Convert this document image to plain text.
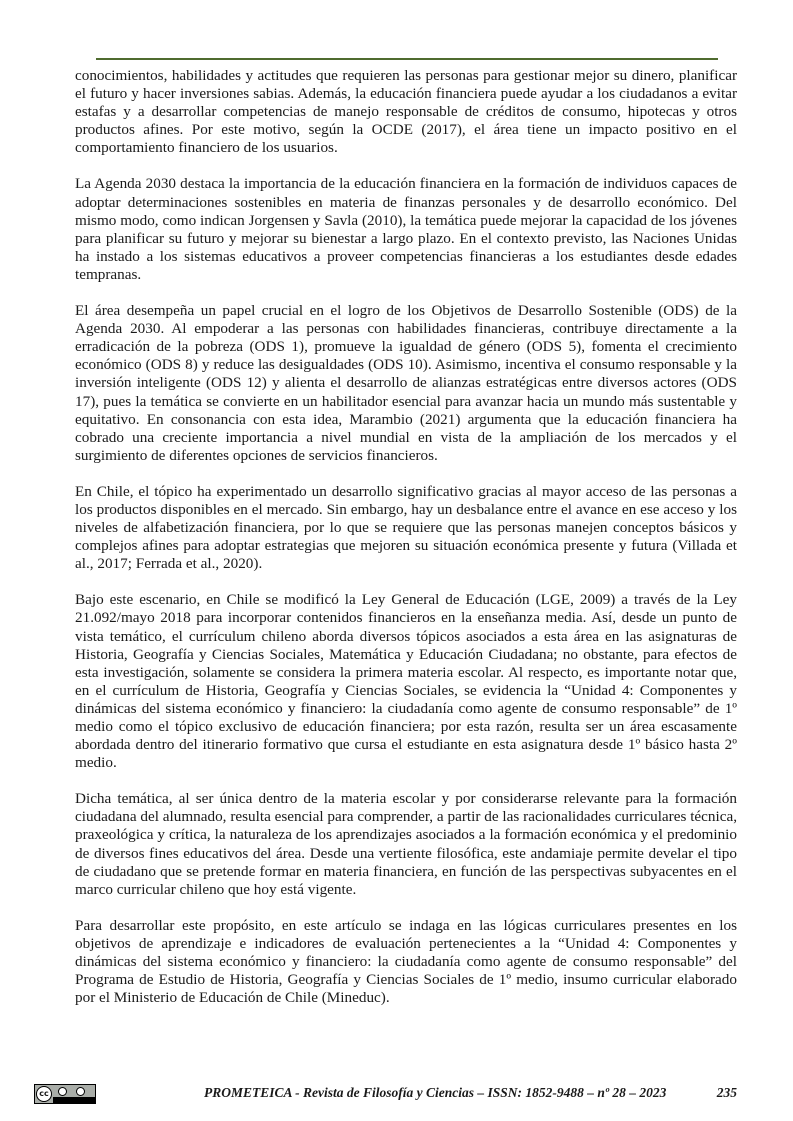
conocimientos, habilidades y actitudes que requieren las personas para gestionar mejor su dinero, planificar el futuro y hacer inversiones sabias. Además, la educación financiera puede ayudar a los ciudadanos a evitar estafas y a desarrollar competencias de manejo responsable de créditos de consumo, hipotecas y otros productos afines. Por este motivo, según la OCDE (2017), el área tiene un impacto positivo en el comportamiento financiero de los usuarios.

La Agenda 2030 destaca la importancia de la educación financiera en la formación de individuos capaces de adoptar determinaciones sostenibles en materia de finanzas personales y de desarrollo económico. Del mismo modo, como indican Jorgensen y Savla (2010), la temática puede mejorar la capacidad de los jóvenes para planificar su futuro y mejorar su bienestar a largo plazo. En el contexto previsto, las Naciones Unidas ha instado a los sistemas educativos a proveer competencias financieras a los estudiantes desde edades tempranas.

El área desempeña un papel crucial en el logro de los Objetivos de Desarrollo Sostenible (ODS) de la Agenda 2030. Al empoderar a las personas con habilidades financieras, contribuye directamente a la erradicación de la pobreza (ODS 1), promueve la igualdad de género (ODS 5), fomenta el crecimiento económico (ODS 8) y reduce las desigualdades (ODS 10). Asimismo, incentiva el consumo responsable y la inversión inteligente (ODS 12) y alienta el desarrollo de alianzas estratégicas entre diversos actores (ODS 17), pues la temática se convierte en un habilitador esencial para avanzar hacia un mundo más sustentable y equitativo. En consonancia con esta idea, Marambio (2021) argumenta que la educación financiera ha cobrado una creciente importancia a nivel mundial en vista de la ampliación de los mercados y el surgimiento de diferentes opciones de servicios financieros.

En Chile, el tópico ha experimentado un desarrollo significativo gracias al mayor acceso de las personas a los productos disponibles en el mercado. Sin embargo, hay un desbalance entre el avance en ese acceso y los niveles de alfabetización financiera, por lo que se requiere que las personas manejen conceptos básicos y complejos afines para adoptar estrategias que mejoren su situación económica presente y futura (Villada et al., 2017; Ferrada et al., 2020).

Bajo este escenario, en Chile se modificó la Ley General de Educación (LGE, 2009) a través de la Ley 21.092/mayo 2018 para incorporar contenidos financieros en la enseñanza media. Así, desde un punto de vista temático, el currículum chileno aborda diversos tópicos asociados a esta área en las asignaturas de Historia, Geografía y Ciencias Sociales, Matemática y Educación Ciudadana; no obstante, para efectos de esta investigación, solamente se considera la primera materia escolar. Al respecto, es importante notar que, en el currículum de Historia, Geografía y Ciencias Sociales, se evidencia la “Unidad 4: Componentes y dinámicas del sistema económico y financiero: la ciudadanía como agente de consumo responsable” de 1º medio como el tópico exclusivo de educación financiera; por esta razón, resulta ser un área escasamente abordada dentro del itinerario formativo que cursa el estudiante en esta asignatura desde 1º básico hasta 2º medio.

Dicha temática, al ser única dentro de la materia escolar y por considerarse relevante para la formación ciudadana del alumnado, resulta esencial para comprender, a partir de las racionalidades curriculares técnica, praxeológica y crítica, la naturaleza de los aprendizajes asociados a la formación económica y el predominio de diversos fines educativos del área. Desde una vertiente filosófica, este andamiaje permite develar el tipo de ciudadano que se pretende formar en materia financiera, en función de las perspectivas subyacentes en el marco curricular chileno que hoy está vigente.

Para desarrollar este propósito, en este artículo se indaga en las lógicas curriculares presentes en los objetivos de aprendizaje e indicadores de evaluación pertenecientes a la “Unidad 4: Componentes y dinámicas del sistema económico y financiero: la ciudadanía como agente de consumo responsable” del Programa de Estudio de Historia, Geografía y Ciencias Sociales de 1º medio, insumo curricular elaborado por el Ministerio de Educación de Chile (Mineduc).

cc	PROMETEICA - Revista de Filosofía y Ciencias – ISSN: 1852-9488 – nº 28 – 2023	235
